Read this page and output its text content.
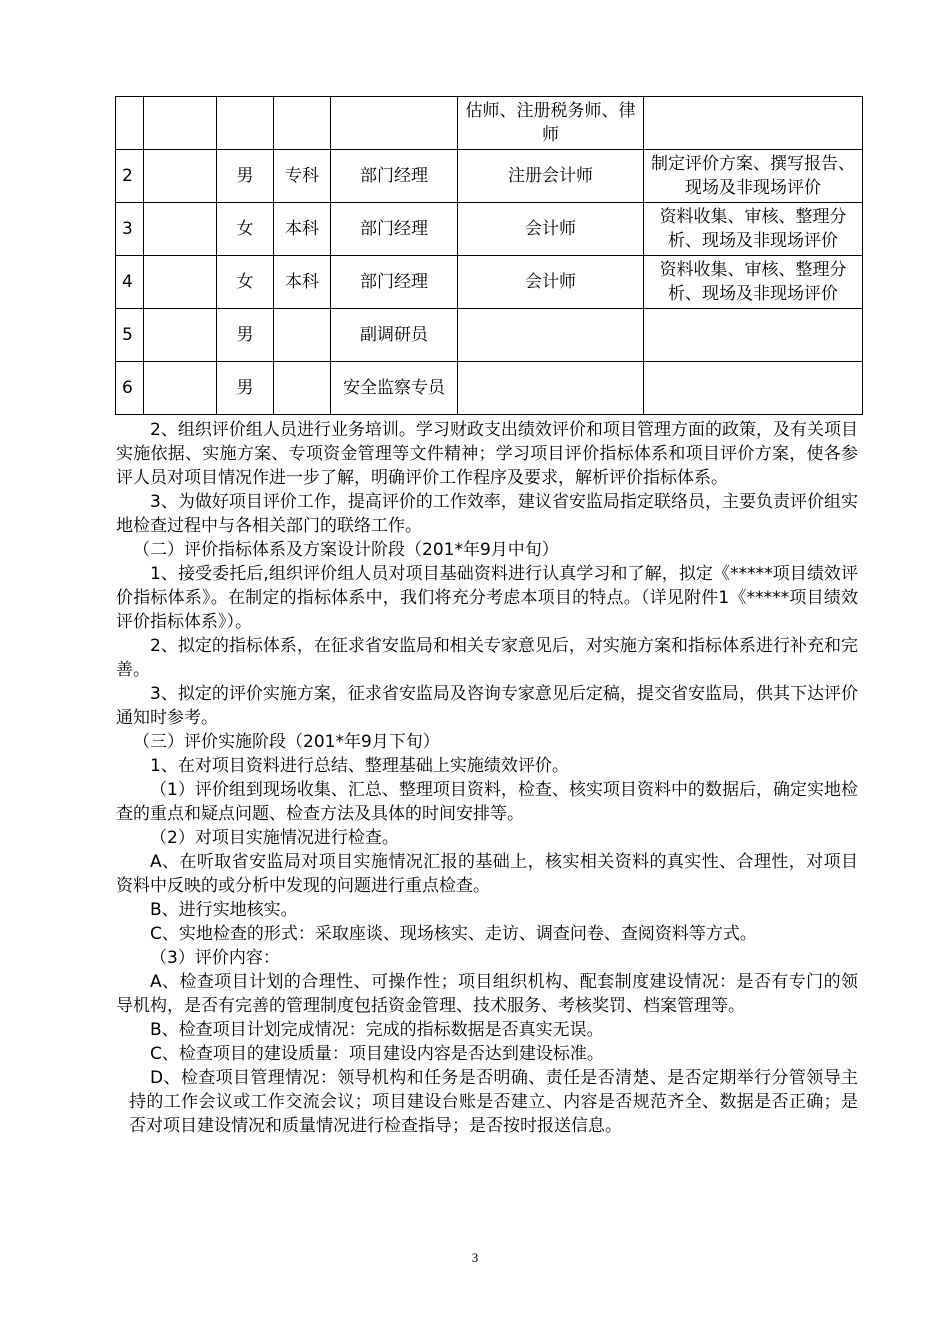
					估师、注册税务师、律师	
2		男	专科	部门经理	注册会计师	制定评价方案、撰写报告、现场及非现场评价
3		女	本科	部门经理	会计师	资料收集、审核、整理分析、现场及非现场评价
4		女	本科	部门经理	会计师	资料收集、审核、整理分析、现场及非现场评价
5		男		副调研员		
6		男		安全监察专员		

2、组织评价组人员进行业务培训。学习财政支出绩效评价和项目管理方面的政策，及有关项目实施依据、实施方案、专项资金管理等文件精神；学习项目评价指标体系和项目评价方案，使各参评人员对项目情况作进一步了解，明确评价工作程序及要求，解析评价指标体系。

3、为做好项目评价工作，提高评价的工作效率，建议省安监局指定联络员，主要负责评价组实地检查过程中与各相关部门的联络工作。

（二）评价指标体系及方案设计阶段（201*年9月中旬）

1、接受委托后,组织评价组人员对项目基础资料进行认真学习和了解，拟定《*****项目绩效评价指标体系》。在制定的指标体系中，我们将充分考虑本项目的特点。（详见附件1《*****项目绩效评价指标体系》）。

2、拟定的指标体系，在征求省安监局和相关专家意见后，对实施方案和指标体系进行补充和完善。

3、拟定的评价实施方案，征求省安监局及咨询专家意见后定稿，提交省安监局，供其下达评价通知时参考。

（三）评价实施阶段（201*年9月下旬）

1、在对项目资料进行总结、整理基础上实施绩效评价。

（1）评价组到现场收集、汇总、整理项目资料，检查、核实项目资料中的数据后，确定实地检查的重点和疑点问题、检查方法及具体的时间安排等。

（2）对项目实施情况进行检查。

A、在听取省安监局对项目实施情况汇报的基础上，核实相关资料的真实性、合理性，对项目资料中反映的或分析中发现的问题进行重点检查。

B、进行实地核实。

C、实地检查的形式：采取座谈、现场核实、走访、调查问卷、查阅资料等方式。

（3）评价内容：

A、检查项目计划的合理性、可操作性；项目组织机构、配套制度建设情况：是否有专门的领导机构，是否有完善的管理制度包括资金管理、技术服务、考核奖罚、档案管理等。

B、检查项目计划完成情况：完成的指标数据是否真实无误。

C、检查项目的建设质量：项目建设内容是否达到建设标准。

D、检查项目管理情况：领导机构和任务是否明确、责任是否清楚、是否定期举行分管领导主持的工作会议或工作交流会议；项目建设台账是否建立、内容是否规范齐全、数据是否正确；是否对项目建设情况和质量情况进行检查指导；是否按时报送信息。

3
